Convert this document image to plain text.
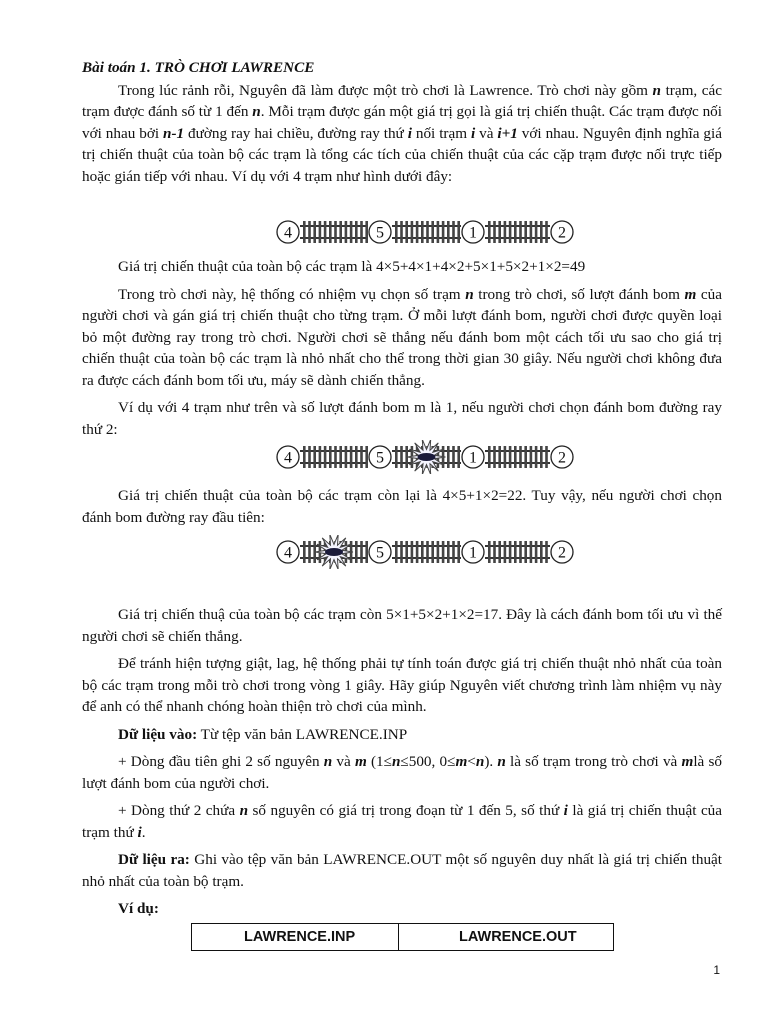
Bài toán 1. TRÒ CHƠI LAWRENCE

Trong lúc rảnh rỗi, Nguyên đã làm được một trò chơi là Lawrence. Trò chơi này gồm n trạm, các trạm được đánh số từ 1 đến n. Mỗi trạm được gán một giá trị gọi là giá trị chiến thuật. Các trạm được nối với nhau bởi n-1 đường ray hai chiều, đường ray thứ i nối trạm i và i+1 với nhau. Nguyên định nghĩa giá trị chiến thuật của toàn bộ các trạm là tổng các tích của chiến thuật của các cặp trạm được nối trực tiếp hoặc gián tiếp với nhau. Ví dụ với 4 trạm như hình dưới đây:

4	5	1	2

Giá trị chiến thuật của toàn bộ các trạm là 4×5+4×1+4×2+5×1+5×2+1×2=49

Trong trò chơi này, hệ thống có nhiệm vụ chọn số trạm n trong trò chơi, số lượt đánh bom m của người chơi và gán giá trị chiến thuật cho từng trạm. Ở mỗi lượt đánh bom, người chơi được quyền loại bỏ một đường ray trong trò chơi. Người chơi sẽ thắng nếu đánh bom một cách tối ưu sao cho giá trị chiến thuật của toàn bộ các trạm là nhỏ nhất cho thể trong thời gian 30 giây. Nếu người chơi không đưa ra được cách đánh bom tối ưu, máy sẽ dành chiến thẳng.

Ví dụ với 4 trạm như trên và số lượt đánh bom m là 1, nếu người chơi chọn đánh bom đường ray thứ 2:

4	5	1	2

Giá trị chiến thuật của toàn bộ các trạm còn lại là 4×5+1×2=22. Tuy vậy, nếu người chơi chọn đánh bom đường ray đầu tiên:

4	5	1	2

Giá trị chiến thuậ của toàn bộ các trạm còn 5×1+5×2+1×2=17. Đây là cách đánh bom tối ưu vì thế người chơi sẽ chiến thắng.

Để tránh hiện tượng giật, lag, hệ thống phải tự tính toán được giá trị chiến thuật nhỏ nhất của toàn bộ các trạm trong mỗi trò chơi trong vòng 1 giây. Hãy giúp Nguyên viết chương trình làm nhiệm vụ này để anh có thể nhanh chóng hoàn thiện trò chơi của mình.

Dữ liệu vào: Từ tệp văn bản LAWRENCE.INP

+ Dòng đầu tiên ghi 2 số nguyên n và m (1≤n≤500, 0≤m<n). n là số trạm trong trò chơi và mlà số lượt đánh bom của người chơi.

+ Dòng thứ 2 chứa n số nguyên có giá trị trong đoạn từ 1 đến 5, số thứ i là giá trị chiến thuật của trạm thứ i.

Dữ liệu ra: Ghi vào tệp văn bản LAWRENCE.OUT một số nguyên duy nhất là giá trị chiến thuật nhỏ nhất của toàn bộ trạm.

Ví dụ:

LAWRENCE.INP	LAWRENCE.OUT
1
